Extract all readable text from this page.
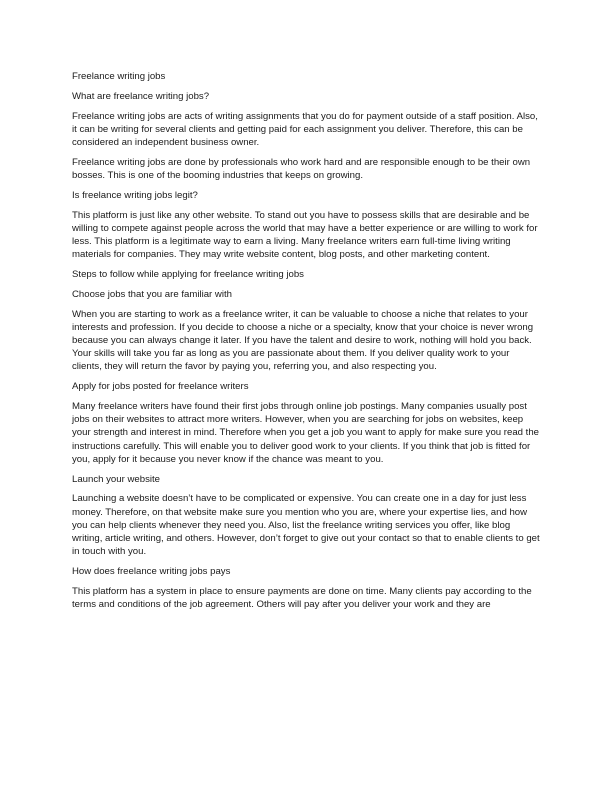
Freelance writing jobs

What are freelance writing jobs?

Freelance writing jobs are acts of writing assignments that you do for payment outside of a staff position. Also, it can be writing for several clients and getting paid for each assignment you deliver. Therefore, this can be considered an independent business owner.

Freelance writing jobs are done by professionals who work hard and are responsible enough to be their own bosses. This is one of the booming industries that keeps on growing.

Is freelance writing jobs legit?

This platform is just like any other website. To stand out you have to possess skills that are desirable and be willing to compete against people across the world that may have a better experience or are willing to work for less. This platform is a legitimate way to earn a living. Many freelance writers earn full-time living writing materials for companies. They may write website content, blog posts, and other marketing content.

Steps to follow while applying for freelance writing jobs

Choose jobs that you are familiar with

When you are starting to work as a freelance writer, it can be valuable to choose a niche that relates to your interests and profession. If you decide to choose a niche or a specialty, know that your choice is never wrong because you can always change it later. If you have the talent and desire to work, nothing will hold you back. Your skills will take you far as long as you are passionate about them. If you deliver quality work to your clients, they will return the favor by paying you, referring you, and also respecting you.

Apply for jobs posted for freelance writers

Many freelance writers have found their first jobs through online job postings. Many companies usually post jobs on their websites to attract more writers. However, when you are searching for jobs on websites, keep your strength and interest in mind. Therefore when you get a job you want to apply for make sure you read the instructions carefully. This will enable you to deliver good work to your clients. If you think that job is fitted for you, apply for it because you never know if the chance was meant to you.

Launch your website

Launching a website doesn’t have to be complicated or expensive. You can create one in a day for just less money. Therefore, on that website make sure you mention who you are, where your expertise lies, and how you can help clients whenever they need you. Also, list the freelance writing services you offer, like blog writing, article writing, and others. However, don’t forget to give out your contact so that to enable clients to get in touch with you.

How does freelance writing jobs pays

This platform has a system in place to ensure payments are done on time. Many clients pay according to the terms and conditions of the job agreement. Others will pay after you deliver your work and they are
